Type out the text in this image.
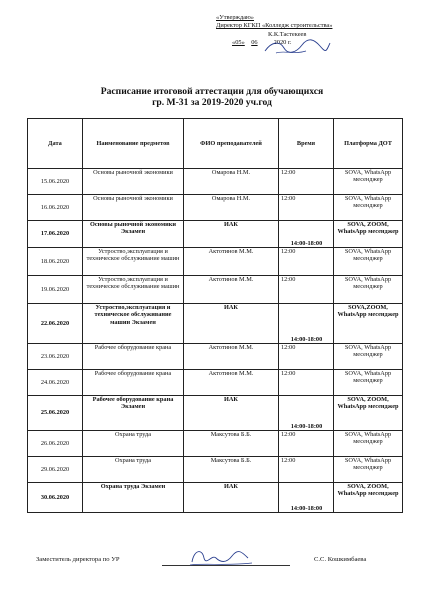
«Утверждаю»
Директор КГКП «Колледж строительства»
К.К.Тастекеев
«05» 06	2020 г.
Расписание итоговой аттестации для обучающихся
гр. М-31 за 2019-2020 уч.год
Дата	Наименование предметов	ФИО преподавателей	Время	Платформа ДОТ
15.06.2020	Основы рыночной экономики	Омарова Н.М.	12:00	SOVA, WhatsApp месенджер
16.06.2020	Основы рыночной экономики	Омарова Н.М.	12:00	SOVA, WhatsApp месенджер
17.06.2020	Основы рыночной экономики Экзамен	ИАК	14:00-18:00	SOVA, ZOOM, WhatsApp месенджер
18.06.2020	Устроство,эксплуатация и техническое обслуживание машин	Актотинов М.М.	12:00	SOVA, WhatsApp месенджер
19.06.2020	Устроство,эксплуатация и техническое обслуживание машин	Актотинов М.М.	12:00	SOVA, WhatsApp месенджер
22.06.2020	Устроство,эксплуатация и техническое обслуживание машин Экзамен	ИАК	14:00-18:00	SOVA,ZOOM, WhatsApp месенджер
23.06.2020	Рабочее оборудование крана	Актотинов М.М.	12:00	SOVA, WhatsApp месенджер
24.06.2020	Рабочее оборудование крана	Актотинов М.М.	12:00	SOVA, WhatsApp месенджер
25.06.2020	Рабочее оборудование крана Экзамен	ИАК	14:00-18:00	SOVA, ZOOM, WhatsApp месенджер
26.06.2020	Охрана труда	Максутова Б.Б.	12:00	SOVA, WhatsApp месенджер
29.06.2020	Охрана труда	Максутова Б.Б.	12:00	SOVA, WhatsApp месенджер
30.06.2020	Охрана труда Экзамен	ИАК	14:00-18:00	SOVA, ZOOM, WhatsApp месенджер
Заместитель директора по УР	С.С. Кошкимбаева
